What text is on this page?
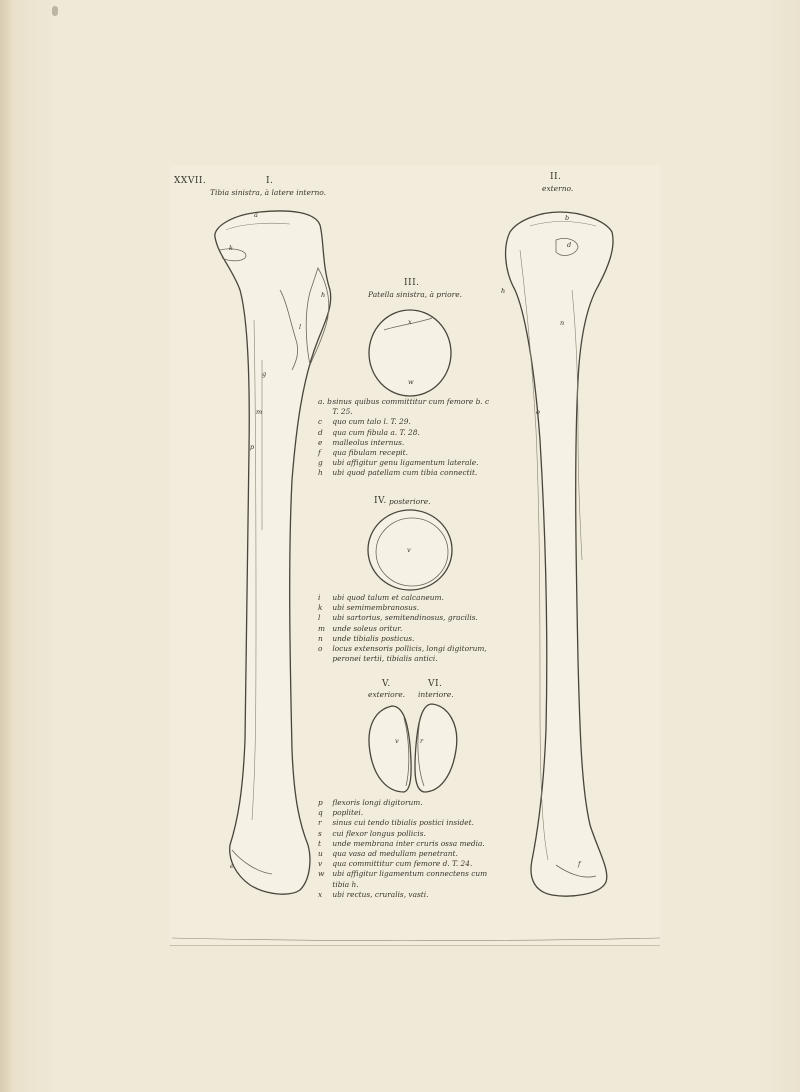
XXVII.	I.
Tibia sinistra, à latere interno.
II.
externo.
III.
Patella sinistra, à priore.
IV. posteriore.
V.
exteriore.
VI.
interiore.
a
k
h
l
g
m
p
e
b
d
h
n
o
f
x
w
v
v	r
a. b sinus quibus committitur cum femore b. c
T. 25.
c quo cum talo l. T. 29.
d qua cum fibula a. T. 28.
e malleolus internus.
f qua fibulam recepit.
g ubi affigitur genu ligamentum laterale.
h ubi quod patellam cum tibia connectit.
i ubi quod talum et calcaneum.
k ubi semimembranosus.
l ubi sartorius, semitendinosus, gracilis.
m unde soleus oritur.
n unde tibialis posticus.
o locus extensoris pollicis, longi digitorum,
peronei tertii, tibialis antici.
p flexoris longi digitorum.
q poplitei.
r sinus cui tendo tibialis postici insidet.
s cui flexor longus pollicis.
t unde membrana inter cruris ossa media.
u qua vasa ad medullam penetrant.
v qua committitur cum femore d. T. 24.
w ubi affigitur ligamentum connectens cum
tibia h.
x ubi rectus, cruralis, vasti.
